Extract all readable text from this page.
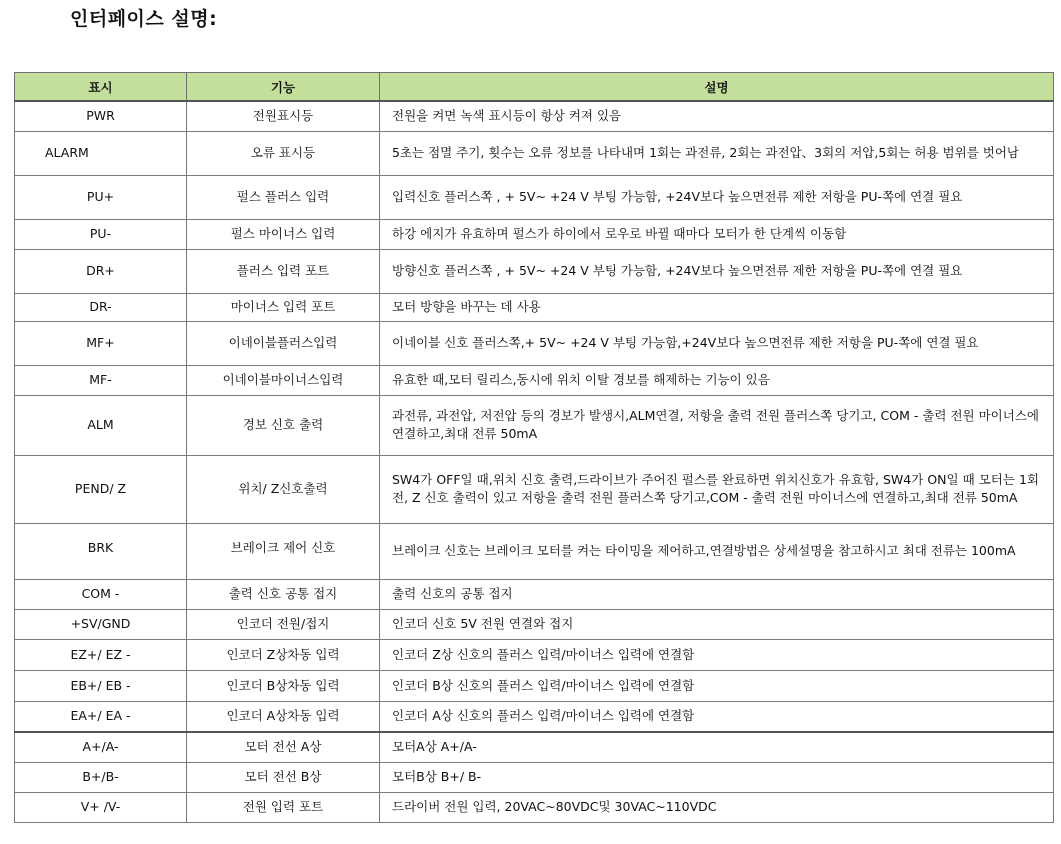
인터페이스 설명:
표시	기능	설명
PWR	전원표시등	전원을 켜면 녹색 표시등이 항상 켜져 있음
ALARM	오류 표시등	5초는 점멸 주기, 횟수는 오류 정보를 나타내며 1회는 과전류, 2회는 과전압、3회의 저압,5회는 허용 범위를 벗어남
PU+	펄스 플러스 입력	입력신호 플러스쪽 , + 5V~ +24 V 부팅 가능함, +24V보다 높으면전류 제한 저항을 PU-쪽에 연결 필요
PU-	펄스 마이너스 입력	하강 에지가 유효하며 펄스가 하이에서 로우로 바뀔 때마다 모터가 한 단계씩 이동함
DR+	플러스 입력 포트	방향신호 플러스쪽 , + 5V~ +24 V 부팅 가능함, +24V보다 높으면전류 제한 저항을 PU-쪽에 연결 필요
DR-	마이너스 입력 포트	모터 방향을 바꾸는 데 사용
MF+	이네이블플러스입력	이네이블 신호 플러스쪽,+ 5V~ +24 V 부팅 가능함,+24V보다 높으면전류 제한 저항을 PU-쪽에 연결 필요
MF-	이네이블마이너스입력	유효한 때,모터 릴리스,동시에 위치 이탈 경보를 해제하는 기능이 있음
ALM	경보 신호 출력	과전류, 과전압, 저전압 등의 경보가 발생시,ALM연결, 저항을 출력 전원 플러스쪽 당기고, COM - 출력 전원 마이너스에 연결하고,최대 전류 50mA
PEND/ Z	위치/ Z신호출력	SW4가 OFF일 때,위치 신호 출력,드라이브가 주어진 펄스를 완료하면 위치신호가 유효함, SW4가 ON일 때 모터는 1회전, Z 신호 출력이 있고 저항을 출력 전원 플러스쪽 당기고,COM - 출력 전원 마이너스에 연결하고,최대 전류 50mA
BRK	브레이크 제어 신호	브레이크 신호는 브레이크 모터를 켜는 타이밍을 제어하고,연결방법은 상세설명을 참고하시고 최대 전류는 100mA
COM -	출력 신호 공통 접지	출력 신호의 공통 접지
+SV/GND	인코더 전원/접지	인코더 신호 5V 전원 연결와 접지
EZ+/ EZ -	인코더 Z상차동 입력	인코더 Z상 신호의 플러스 입력/마이너스 입력에 연결함
EB+/ EB -	인코더 B상차동 입력	인코더 B상 신호의 플러스 입력/마이너스 입력에 연결함
EA+/ EA -	인코더 A상차동 입력	인코더 A상 신호의 플러스 입력/마이너스 입력에 연결함
A+/A-	모터 전선 A상	모터A상 A+/A-
B+/B-	모터 전선 B상	모터B상 B+/ B-
V+ /V-	전원 입력 포트	드라이버 전원 입력, 20VAC~80VDC및 30VAC~110VDC
